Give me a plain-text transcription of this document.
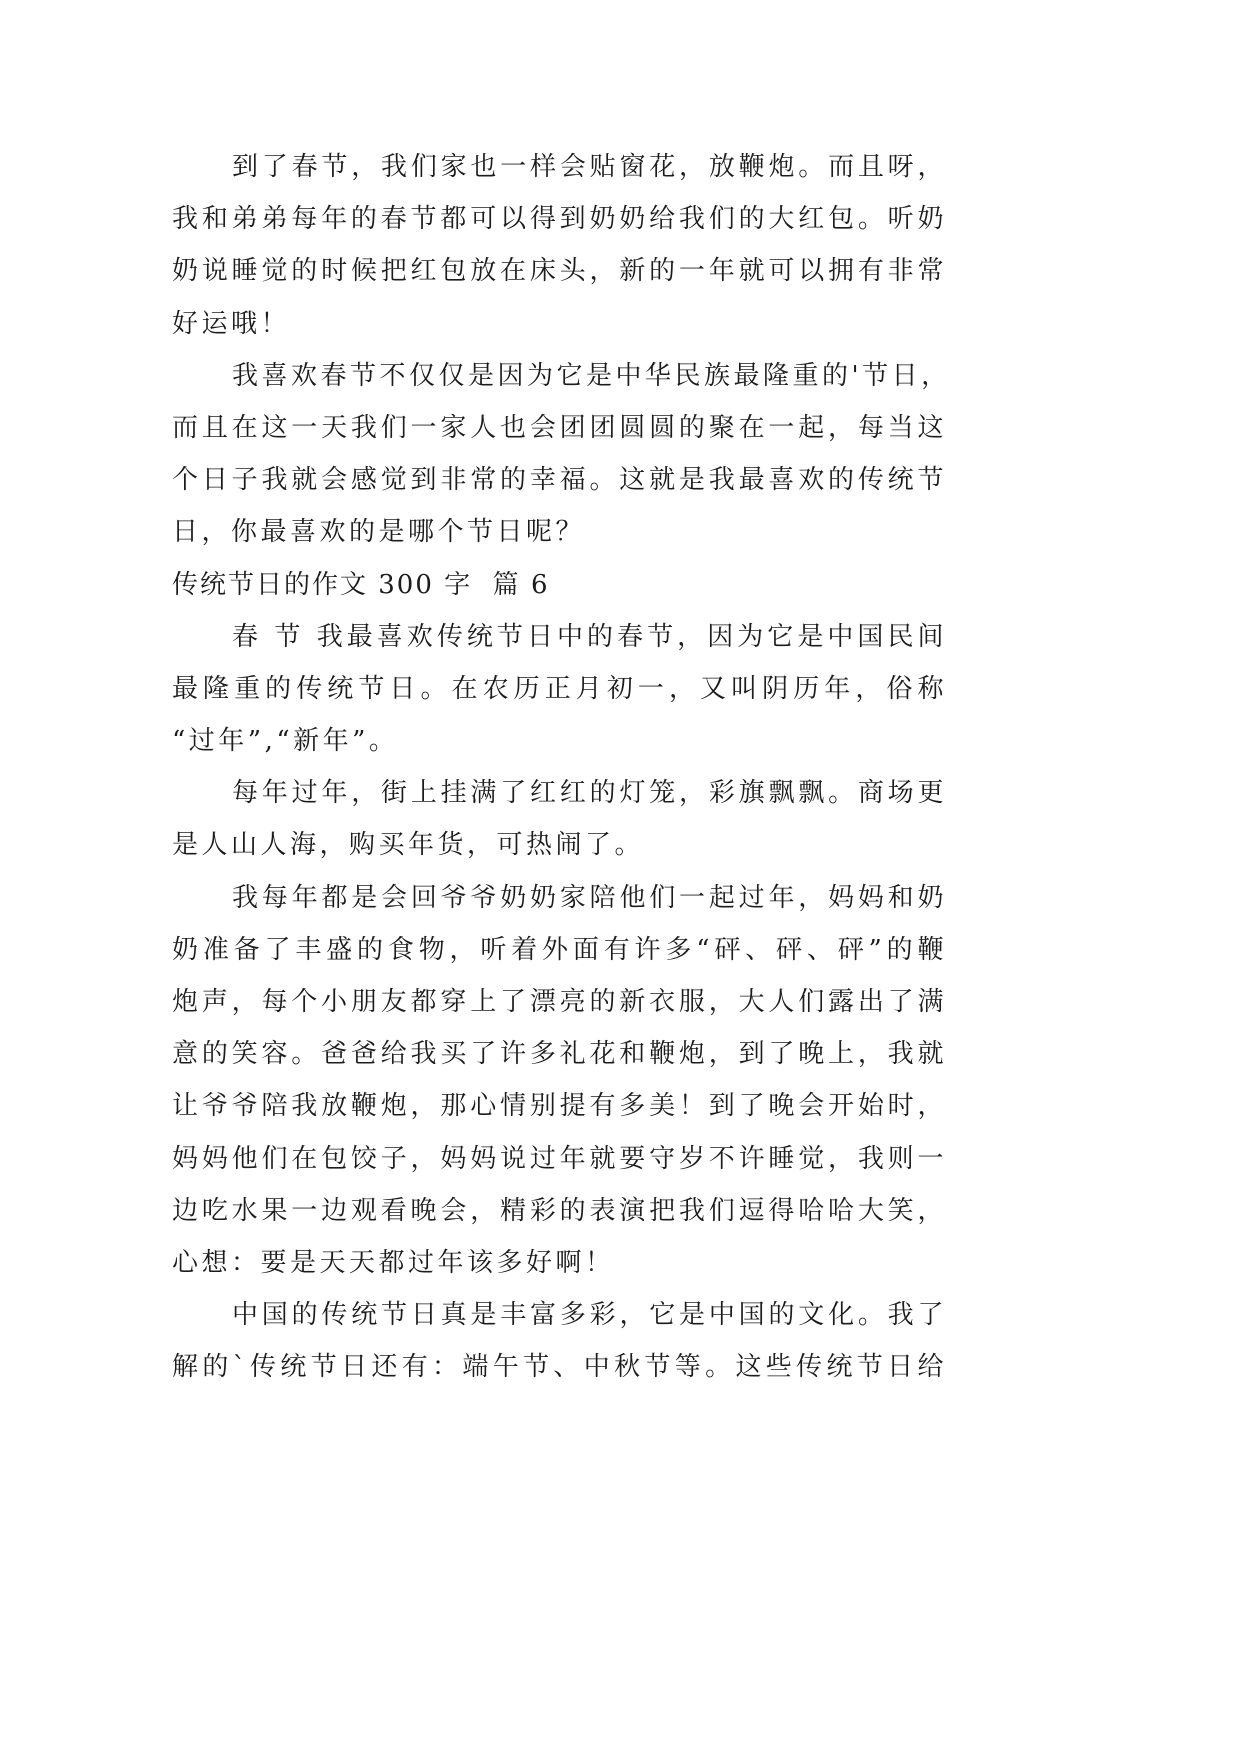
到了春节，我们家也一样会贴窗花，放鞭炮。而且呀，
我和弟弟每年的春节都可以得到奶奶给我们的大红包。听奶
奶说睡觉的时候把红包放在床头，新的一年就可以拥有非常
好运哦！
我喜欢春节不仅仅是因为它是中华民族最隆重的'节日，
而且在这一天我们一家人也会团团圆圆的聚在一起，每当这
个日子我就会感觉到非常的幸福。这就是我最喜欢的传统节
日，你最喜欢的是哪个节日呢？
传统节日的作文 300 字  篇 6
春 节 我最喜欢传统节日中的春节，因为它是中国民间
最隆重的传统节日。在农历正月初一，又叫阴历年，俗称
“过年”,“新年”。
每年过年，街上挂满了红红的灯笼，彩旗飘飘。商场更
是人山人海，购买年货，可热闹了。
我每年都是会回爷爷奶奶家陪他们一起过年，妈妈和奶
奶准备了丰盛的食物，听着外面有许多“砰、砰、砰”的鞭
炮声，每个小朋友都穿上了漂亮的新衣服，大人们露出了满
意的笑容。爸爸给我买了许多礼花和鞭炮，到了晚上，我就
让爷爷陪我放鞭炮，那心情别提有多美！到了晚会开始时，
妈妈他们在包饺子，妈妈说过年就要守岁不许睡觉，我则一
边吃水果一边观看晚会，精彩的表演把我们逗得哈哈大笑，
心想：要是天天都过年该多好啊！
中国的传统节日真是丰富多彩，它是中国的文化。我了
解的`传统节日还有：端午节、中秋节等。这些传统节日给
